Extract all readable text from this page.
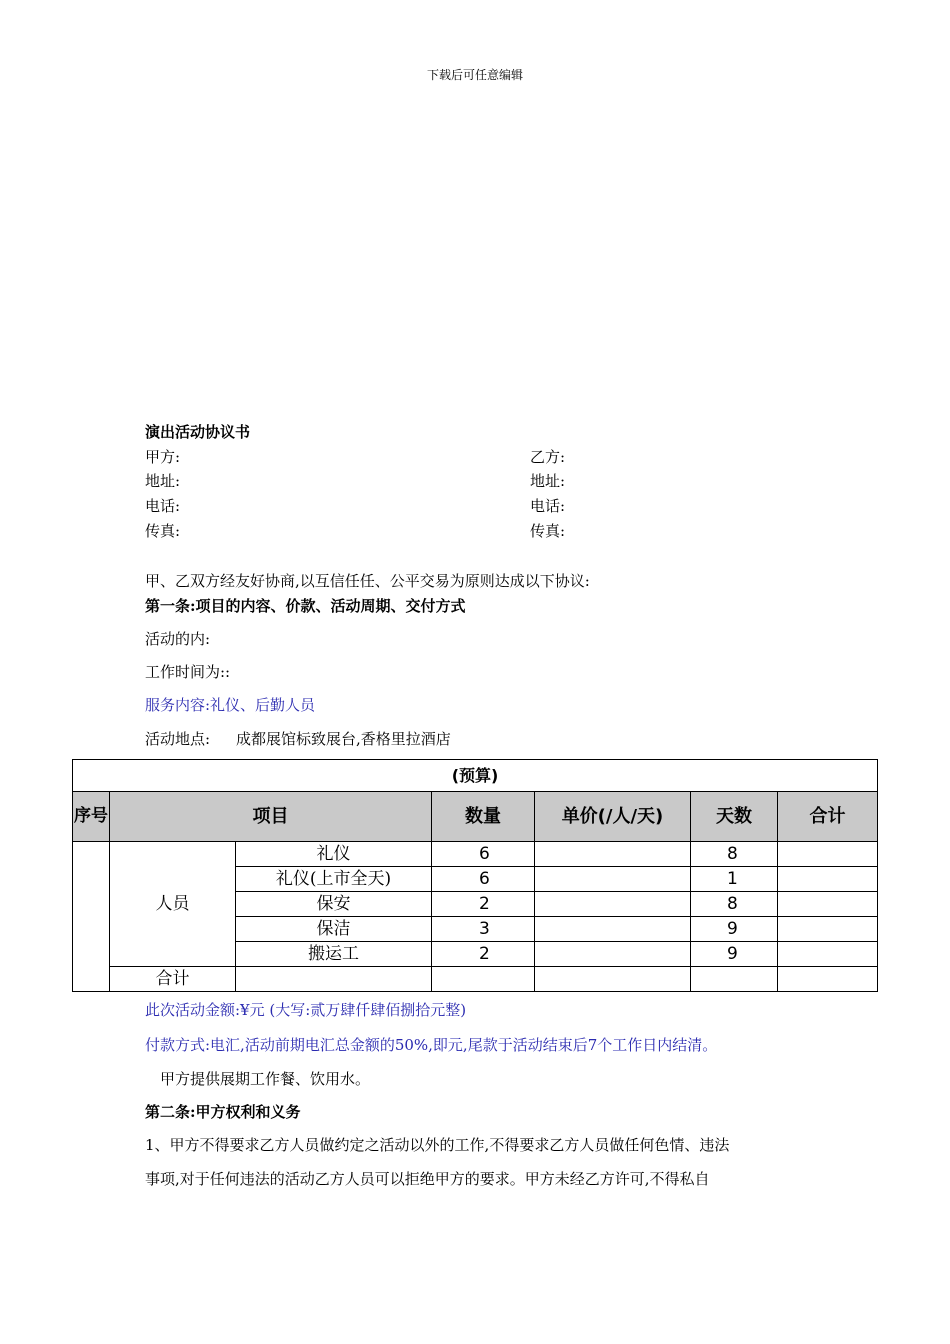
下载后可任意编辑
演出活动协议书
甲方:	乙方:
地址:	地址:
电话:	电话:
传真:	传真:
甲、乙双方经友好协商,以互信任任、公平交易为原则达成以下协议:
第一条:项目的内容、价款、活动周期、交付方式
活动的内:
工作时间为::
服务内容:礼仪、后勤人员
活动地点: 成都展馆标致展台,香格里拉酒店
(预算)						
序号	项目		数量	单价(/人/天)	天数	合计
	人员	礼仪	6		8	
		礼仪(上市全天)	6		1	
		保安	2		8	
		保洁	3		9	
		搬运工	2		9	
	合计					
此次活动金额:¥元 (大写:贰万肆仟肆佰捌拾元整)
付款方式:电汇,活动前期电汇总金额的50%,即元,尾款于活动结束后7个工作日内结清。
甲方提供展期工作餐、饮用水。
第二条:甲方权利和义务
1、甲方不得要求乙方人员做约定之活动以外的工作,不得要求乙方人员做任何色情、违法
事项,对于任何违法的活动乙方人员可以拒绝甲方的要求。甲方未经乙方许可,不得私自
